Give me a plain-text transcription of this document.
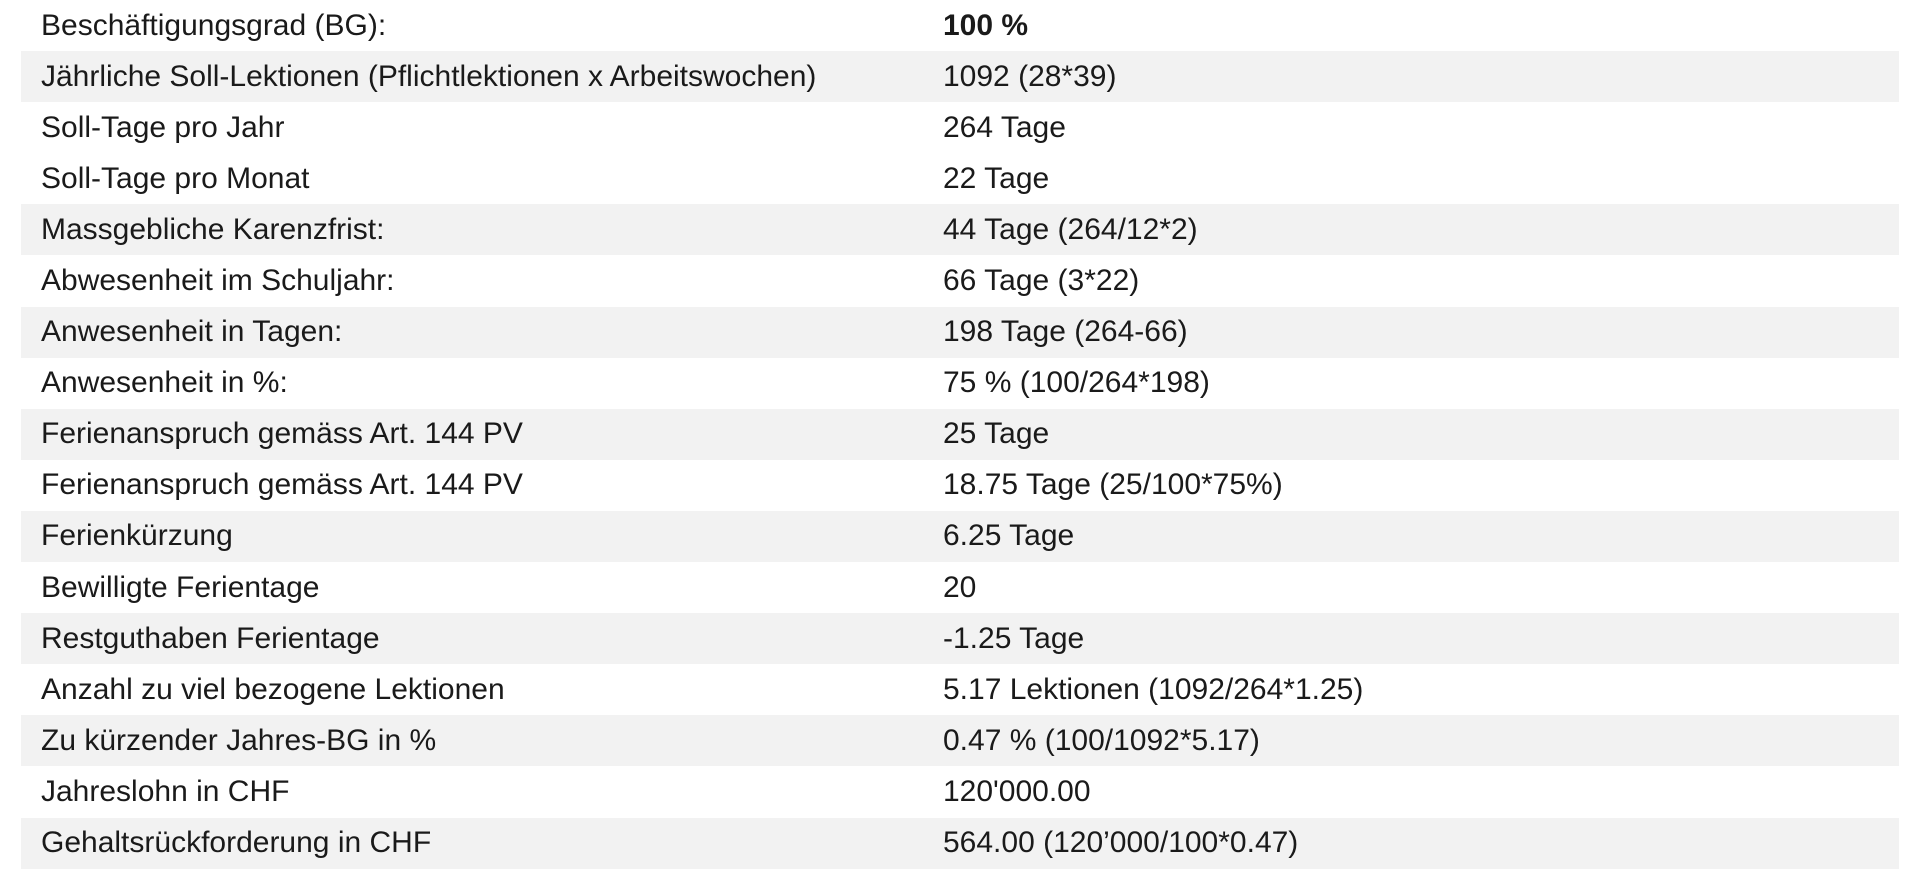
Beschäftigungsgrad (BG):	100 %
Jährliche Soll-Lektionen (Pflichtlektionen x Arbeitswochen)	1092 (28*39)
Soll-Tage pro Jahr	264 Tage
Soll-Tage pro Monat	22 Tage
Massgebliche Karenzfrist:	44 Tage (264/12*2)
Abwesenheit im Schuljahr:	66 Tage (3*22)
Anwesenheit in Tagen:	198 Tage (264-66)
Anwesenheit in %:	75 % (100/264*198)
Ferienanspruch gemäss Art. 144 PV	25 Tage
Ferienanspruch gemäss Art. 144 PV	18.75 Tage (25/100*75%)
Ferienkürzung	6.25 Tage
Bewilligte Ferientage	20
Restguthaben Ferientage	-1.25 Tage
Anzahl zu viel bezogene Lektionen	5.17 Lektionen (1092/264*1.25)
Zu kürzender Jahres-BG in %	0.47 % (100/1092*5.17)
Jahreslohn in CHF	120'000.00
Gehaltsrückforderung in CHF	564.00 (120’000/100*0.47)
